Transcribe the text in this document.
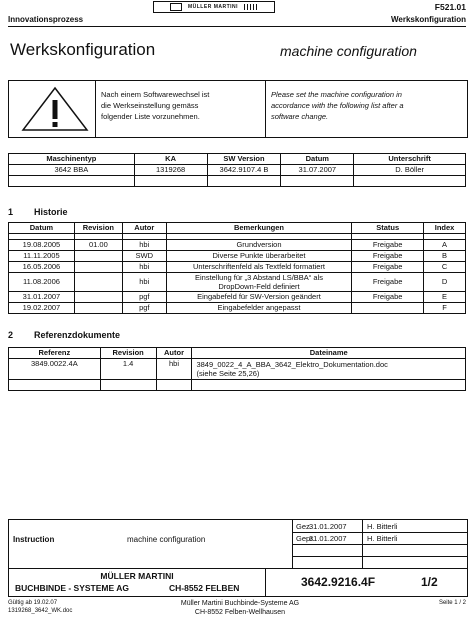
Innovationsprozess
MÜLLER MARTINI	F521.01
Werkskonfiguration
Werkskonfiguration	machine configuration
Nach einem Softwarewechsel ist
die Werkseinstellung gemäss
folgender Liste vorzunehmen.
Please set the machine configuration in
accordance with the following list after a
software change.
Maschinentyp	KA	SW Version	Datum	Unterschrift
3642 BBA	1319268	3642.9107.4 B	31.07.2007	D. Böller

1 Historie
Datum	Revision	Autor	Bemerkungen	Status	Index

19.08.2005	01.00	hbi	Grundversion	Freigabe	A
11.11.2005		SWD	Diverse Punkte überarbeitet	Freigabe	B
16.05.2006		hbi	Unterschriftenfeld als Textfeld formatiert	Freigabe	C
11.08.2006		hbi	Einstellung für „3 Abstand LS/BBA“ als
DropDown-Feld definiert	Freigabe	D
31.01.2007		pgf	Eingabefeld für SW-Version geändert	Freigabe	E
19.02.2007		pgf	Eingabefelder angepasst		F
2 Referenzdokumente
Referenz	Revision	Autor	Dateiname
3849.0022.4A	1.4	hbi	3849_0022_4_A_BBA_3642_Elektro_Dokumentation.doc
(siehe Seite 25,26)

Instruction	machine configuration
Gez.
31.01.2007	H. Bitterli
Gepr.
31.01.2007	H. Bitterli
MÜLLER MARTINI
BUCHBINDE - SYSTEME AG	CH-8552 FELBEN	3642.9216.4F	1/2
Gültig ab 19.02.07
1319268_3642_WK.doc
Müller Martini Buchbinde-Systeme AG
CH-8552 Felben-Wellhausen
Seite 1 / 2
